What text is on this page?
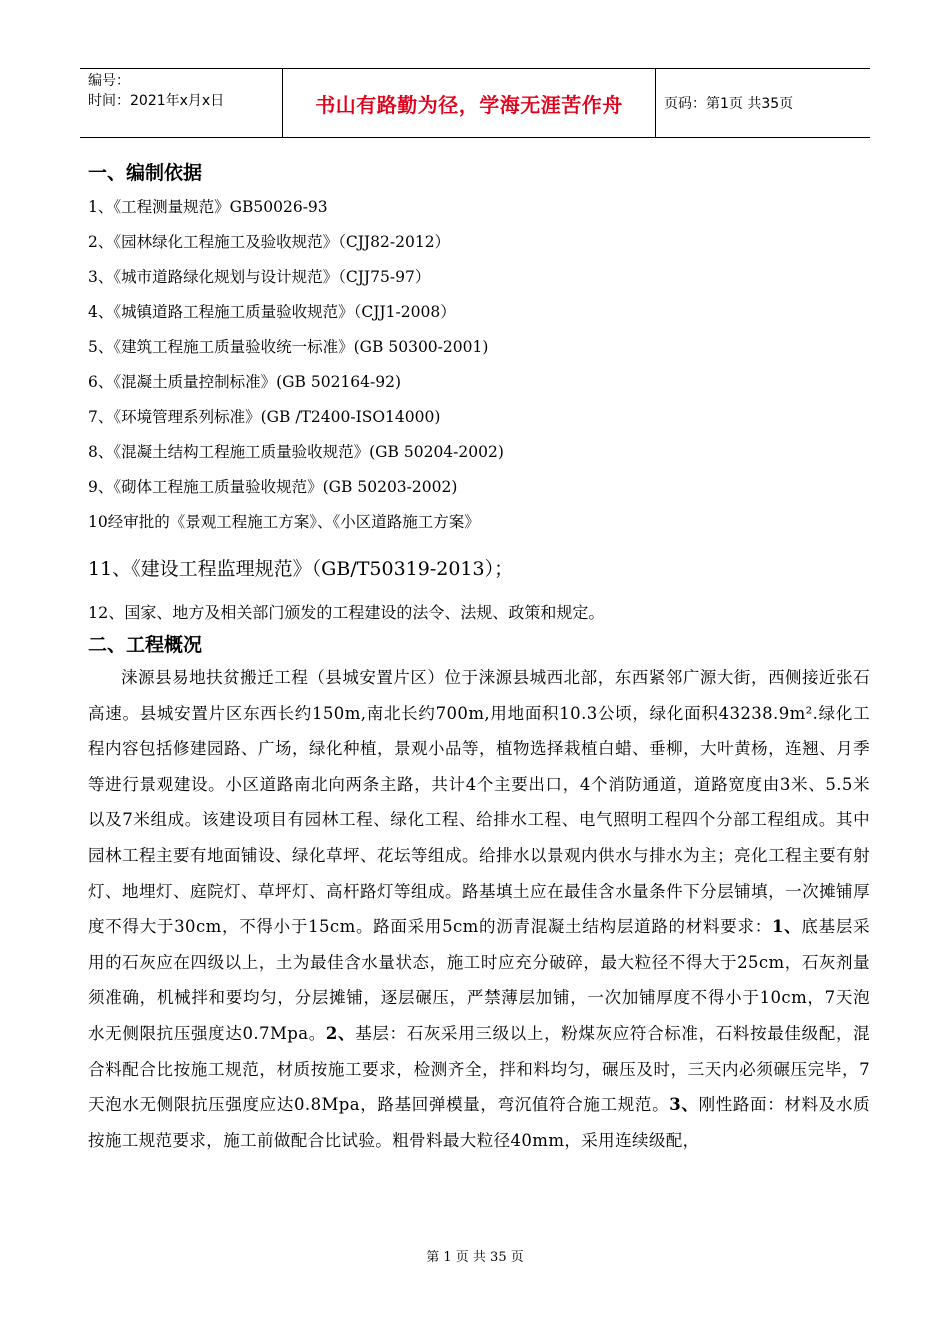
编号：
时间：2021年x月x日	书山有路勤为径，学海无涯苦作舟	页码：第1页 共35页
一、编制依据
1、《工程测量规范》GB50026-93
2、《园林绿化工程施工及验收规范》（CJJ82-2012）
3、《城市道路绿化规划与设计规范》（CJJ75-97）
4、《城镇道路工程施工质量验收规范》（CJJ1-2008）
5、《建筑工程施工质量验收统一标准》(GB 50300-2001)
6、《混凝土质量控制标准》(GB 502164-92)
7、《环境管理系列标准》(GB /T2400-ISO14000)
8、《混凝土结构工程施工质量验收规范》(GB 50204-2002)
9、《砌体工程施工质量验收规范》(GB 50203-2002)
10经审批的《景观工程施工方案》、《小区道路施工方案》
11、《建设工程监理规范》（GB/T50319-2013）；
12、国家、地方及相关部门颁发的工程建设的法令、法规、政策和规定。
二、工程概况

涞源县易地扶贫搬迁工程（县城安置片区）位于涞源县城西北部，东西紧邻广源大街，西侧接近张石高速。县城安置片区东西长约150m,南北长约700m,用地面积10.3公顷，绿化面积43238.9m².绿化工程内容包括修建园路、广场，绿化种植，景观小品等，植物选择栽植白蜡、垂柳，大叶黄杨，连翘、月季等进行景观建设。小区道路南北向两条主路，共计4个主要出口，4个消防通道，道路宽度由3米、5.5米以及7米组成。该建设项目有园林工程、绿化工程、给排水工程、电气照明工程四个分部工程组成。其中园林工程主要有地面铺设、绿化草坪、花坛等组成。给排水以景观内供水与排水为主；亮化工程主要有射灯、地埋灯、庭院灯、草坪灯、高杆路灯等组成。路基填土应在最佳含水量条件下分层铺填，一次摊铺厚度不得大于30cm，不得小于15cm。路面采用5cm的沥青混凝土结构层道路的材料要求：1、底基层采用的石灰应在四级以上，土为最佳含水量状态，施工时应充分破碎，最大粒径不得大于25cm，石灰剂量须准确，机械拌和要均匀，分层摊铺，逐层碾压，严禁薄层加铺，一次加铺厚度不得小于10cm，7天泡水无侧限抗压强度达0.7Mpa。2、基层：石灰采用三级以上，粉煤灰应符合标准，石料按最佳级配，混合料配合比按施工规范，材质按施工要求，检测齐全，拌和料均匀，碾压及时，三天内必须碾压完毕，7天泡水无侧限抗压强度应达0.8Mpa，路基回弹模量，弯沉值符合施工规范。3、刚性路面：材料及水质按施工规范要求，施工前做配合比试验。粗骨料最大粒径40mm，采用连续级配，

第 1 页 共 35 页
